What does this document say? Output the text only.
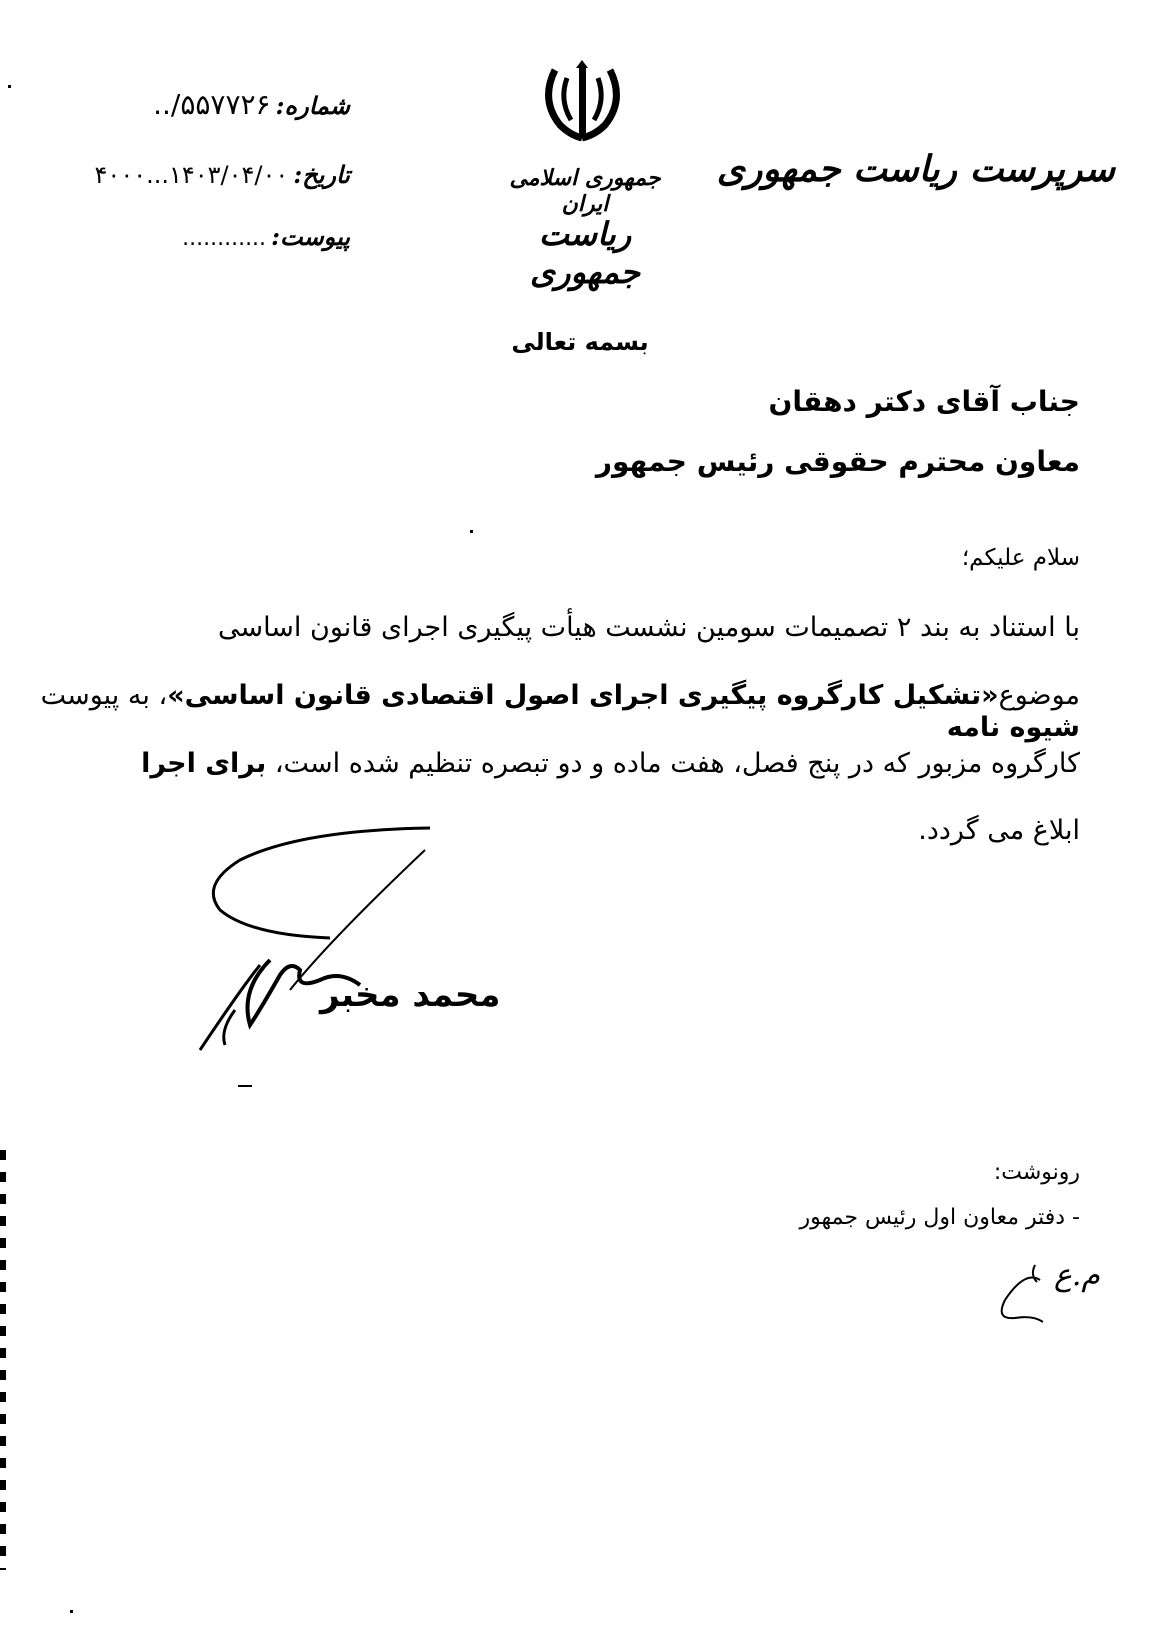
سرپرست ریاست جمهوری
جمهوری اسلامی ایران
ریاست جمهوری
شماره: ۵۵۷۷۲۶/..
تاریخ: ۱۴۰۳/۰۴/۰۰...۴۰۰۰
پیوست: ............
بسمه تعالی
جناب آقای دکتر دهقان
معاون محترم حقوقی رئیس جمهور
سلام علیکم؛
با استناد به بند ۲ تصمیمات سومین نشست هیأت پیگیری اجرای قانون اساسی
موضوع«تشکیل کارگروه پیگیری اجرای اصول اقتصادی قانون اساسی»، به پیوست شیوه نامه
کارگروه مزبور که در پنج فصل، هفت ماده و دو تبصره تنظیم شده است، برای اجرا
ابلاغ می گردد.
محمد مخبر
رونوشت:
- دفتر معاون اول رئیس جمهور
م.ع
